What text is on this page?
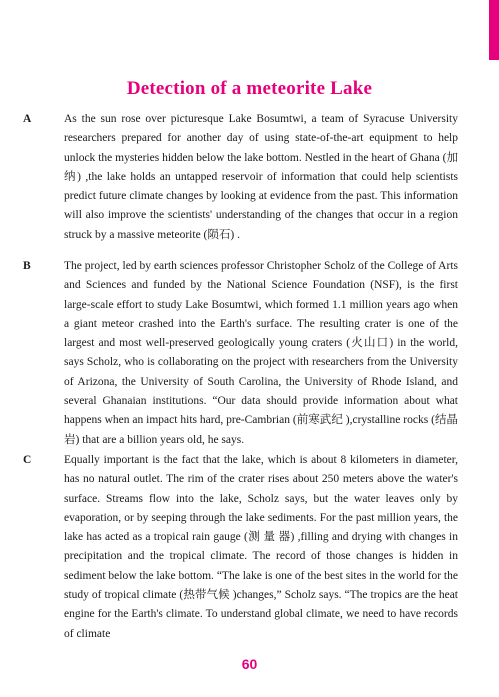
Detection of a meteorite Lake
A	As the sun rose over picturesque Lake Bosumtwi, a team of Syracuse University researchers prepared for another day of using state-of-the-art equipment to help unlock the mysteries hidden below the lake bottom. Nestled in the heart of Ghana (加纳) ,the lake holds an untapped reservoir of information that could help scientists predict future climate changes by looking at evidence from the past. This information will also improve the scientists' understanding of the changes that occur in a region struck by a massive meteorite (陨石) .

B	The project, led by earth sciences professor Christopher Scholz of the College of Arts and Sciences and funded by the National Science Foundation (NSF), is the first large-scale effort to study Lake Bosumtwi, which formed 1.1 million years ago when a giant meteor crashed into the Earth's surface. The resulting crater is one of the largest and most well-preserved geologically young craters (火山口) in the world, says Scholz, who is collaborating on the project with researchers from the University of Arizona, the University of South Carolina, the University of Rhode Island, and several Ghanaian institutions. “Our data should provide information about what happens when an impact hits hard, pre-Cambrian (前寒武纪 ),crystalline rocks (结晶岩) that are a billion years old, he says.

C	Equally important is the fact that the lake, which is about 8 kilometers in diameter, has no natural outlet. The rim of the crater rises about 250 meters above the water's surface. Streams flow into the lake, Scholz says, but the water leaves only by evaporation, or by seeping through the lake sediments. For the past million years, the lake has acted as a tropical rain gauge (测 量 器) ,filling and drying with changes in precipitation and the tropical climate. The record of those changes is hidden in sediment below the lake bottom. “The lake is one of the best sites in the world for the study of tropical climate (热带气候 )changes,” Scholz says. “The tropics are the heat engine for the Earth's climate. To understand global climate, we need to have records of climate

60
